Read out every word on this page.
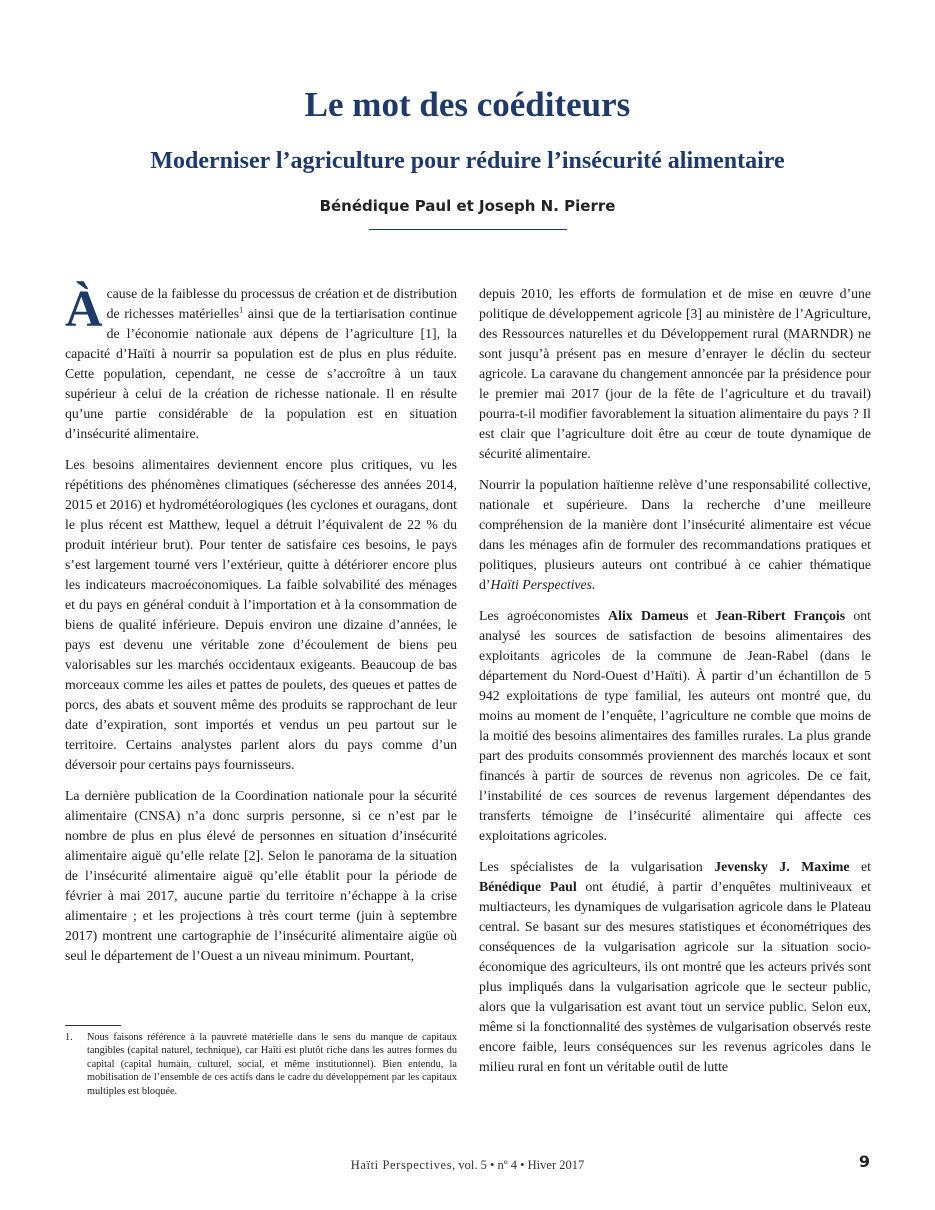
Le mot des coéditeurs
Moderniser l’agriculture pour réduire l’insécurité alimentaire
Bénédique Paul et Joseph N. Pierre

À cause de la faiblesse du processus de création et de distribution de richesses matérielles$^1$ ainsi que de la tertiarisation continue de l’économie nationale aux dépens de l’agriculture [1], la capacité d’Haïti à nourrir sa population est de plus en plus réduite. Cette population, cependant, ne cesse de s’accroître à un taux supérieur à celui de la création de richesse nationale. Il en résulte qu’une partie considérable de la population est en situation d’insécurité alimentaire.

Les besoins alimentaires deviennent encore plus critiques, vu les répétitions des phénomènes climatiques (sécheresse des années 2014, 2015 et 2016) et hydrométéorologiques (les cyclones et ouragans, dont le plus récent est Matthew, lequel a détruit l’équivalent de 22 % du produit intérieur brut). Pour tenter de satisfaire ces besoins, le pays s’est largement tourné vers l’extérieur, quitte à détériorer encore plus les indicateurs macroéconomiques. La faible solvabilité des ménages et du pays en général conduit à l’importation et à la consommation de biens de qualité inférieure. Depuis environ une dizaine d’années, le pays est devenu une véritable zone d’écoulement de biens peu valorisables sur les marchés occidentaux exigeants. Beaucoup de bas morceaux comme les ailes et pattes de poulets, des queues et pattes de porcs, des abats et souvent même des produits se rapprochant de leur date d’expiration, sont importés et vendus un peu partout sur le territoire. Certains analystes parlent alors du pays comme d’un déversoir pour certains pays fournisseurs.

La dernière publication de la Coordination nationale pour la sécurité alimentaire (CNSA) n’a donc surpris personne, si ce n’est par le nombre de plus en plus élevé de personnes en situation d’insécurité alimentaire aiguë qu’elle relate [2]. Selon le panorama de la situation de l’insécurité alimentaire aiguë qu’elle établit pour la période de février à mai 2017, aucune partie du territoire n’échappe à la crise alimentaire ; et les projections à très court terme (juin à septembre 2017) montrent une cartographie de l’insécurité alimentaire aigüe où seul le département de l’Ouest a un niveau minimum. Pourtant,

1.	Nous faisons référence à la pauvreté matérielle dans le sens du manque de capitaux tangibles (capital naturel, technique), car Haïti est plutôt riche dans les autres formes du capital (capital humain, culturel, social, et même institutionnel). Bien entendu, la mobilisation de l’ensemble de ces actifs dans le cadre du développement par les capitaux multiples est bloquée.

depuis 2010, les efforts de formulation et de mise en œuvre d’une politique de développement agricole [3] au ministère de l’Agriculture, des Ressources naturelles et du Développement rural (MARNDR) ne sont jusqu’à présent pas en mesure d’enrayer le déclin du secteur agricole. La caravane du changement annoncée par la présidence pour le premier mai 2017 (jour de la fête de l’agriculture et du travail) pourra-t-il modifier favorablement la situation alimentaire du pays ? Il est clair que l’agriculture doit être au cœur de toute dynamique de sécurité alimentaire.

Nourrir la population haïtienne relève d’une responsabilité collective, nationale et supérieure. Dans la recherche d’une meilleure compréhension de la manière dont l’insécurité alimentaire est vécue dans les ménages afin de formuler des recommandations pratiques et politiques, plusieurs auteurs ont contribué à ce cahier thématique d’Haïti Perspectives.

Les agroéconomistes Alix Dameus et Jean-Ribert François ont analysé les sources de satisfaction de besoins alimentaires des exploitants agricoles de la commune de Jean-Rabel (dans le département du Nord-Ouest d’Haïti). À partir d’un échantillon de 5 942 exploitations de type familial, les auteurs ont montré que, du moins au moment de l’enquête, l’agriculture ne comble que moins de la moitié des besoins alimentaires des familles rurales. La plus grande part des produits consommés proviennent des marchés locaux et sont financés à partir de sources de revenus non agricoles. De ce fait, l’instabilité de ces sources de revenus largement dépendantes des transferts témoigne de l’insécurité alimentaire qui affecte ces exploitations agricoles.

Les spécialistes de la vulgarisation Jevensky J. Maxime et Bénédique Paul ont étudié, à partir d’enquêtes multiniveaux et multiacteurs, les dynamiques de vulgarisation agricole dans le Plateau central. Se basant sur des mesures statistiques et économétriques des conséquences de la vulgarisation agricole sur la situation socio-économique des agriculteurs, ils ont montré que les acteurs privés sont plus impliqués dans la vulgarisation agricole que le secteur public, alors que la vulgarisation est avant tout un service public. Selon eux, même si la fonctionnalité des systèmes de vulgarisation observés reste encore faible, leurs conséquences sur les revenus agricoles dans le milieu rural en font un véritable outil de lutte

Haïti Perspectives, vol. 5 • nº 4 • Hiver 2017	9
